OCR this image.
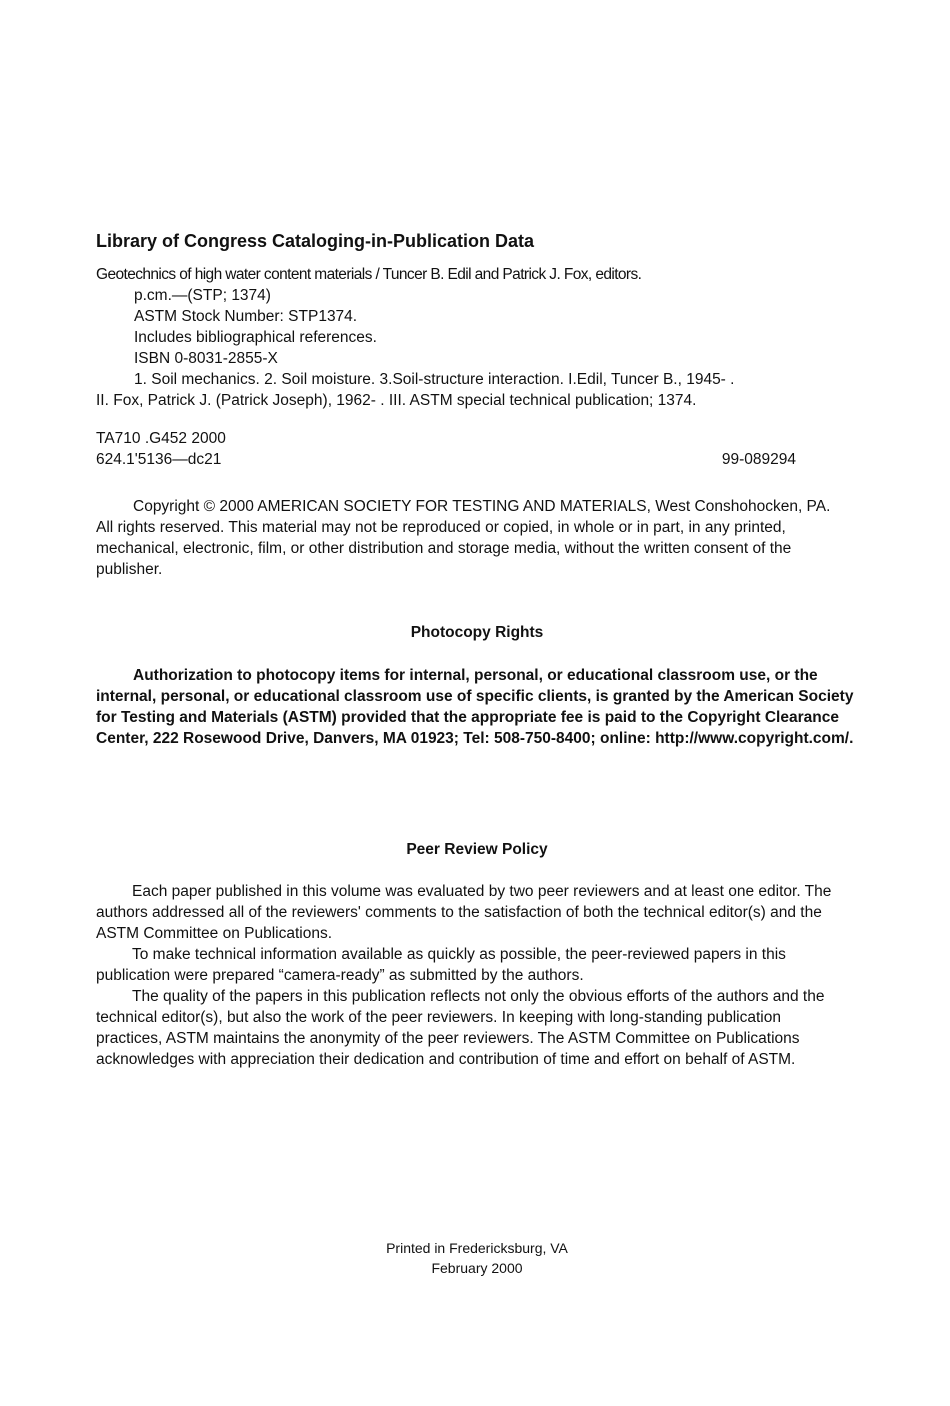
Library of Congress Cataloging-in-Publication Data
Geotechnics of high water content materials / Tuncer B. Edil and Patrick J. Fox, editors.
p.cm.—(STP; 1374)
ASTM Stock Number: STP1374.
Includes bibliographical references.
ISBN 0-8031-2855-X
1. Soil mechanics. 2. Soil moisture. 3.Soil-structure interaction. I.Edil, Tuncer B., 1945- .
II. Fox, Patrick J. (Patrick Joseph), 1962- . III. ASTM special technical publication; 1374.
TA710 .G452 2000
624.1'5136—dc21	99-089294

Copyright © 2000 AMERICAN SOCIETY FOR TESTING AND MATERIALS, West Conshohocken, PA. All rights reserved. This material may not be reproduced or copied, in whole or in part, in any printed, mechanical, electronic, film, or other distribution and storage media, without the written consent of the publisher.

Photocopy Rights

Authorization to photocopy items for internal, personal, or educational classroom use, or the internal, personal, or educational classroom use of specific clients, is granted by the American Society for Testing and Materials (ASTM) provided that the appropriate fee is paid to the Copyright Clearance Center, 222 Rosewood Drive, Danvers, MA 01923; Tel: 508-750-8400; online: http://www.copyright.com/.

Peer Review Policy

Each paper published in this volume was evaluated by two peer reviewers and at least one editor. The authors addressed all of the reviewers' comments to the satisfaction of both the technical editor(s) and the ASTM Committee on Publications.

To make technical information available as quickly as possible, the peer-reviewed papers in this publication were prepared “camera-ready” as submitted by the authors.

The quality of the papers in this publication reflects not only the obvious efforts of the authors and the technical editor(s), but also the work of the peer reviewers. In keeping with long-standing publication practices, ASTM maintains the anonymity of the peer reviewers. The ASTM Committee on Publications acknowledges with appreciation their dedication and contribution of time and effort on behalf of ASTM.

Printed in Fredericksburg, VA
February 2000
